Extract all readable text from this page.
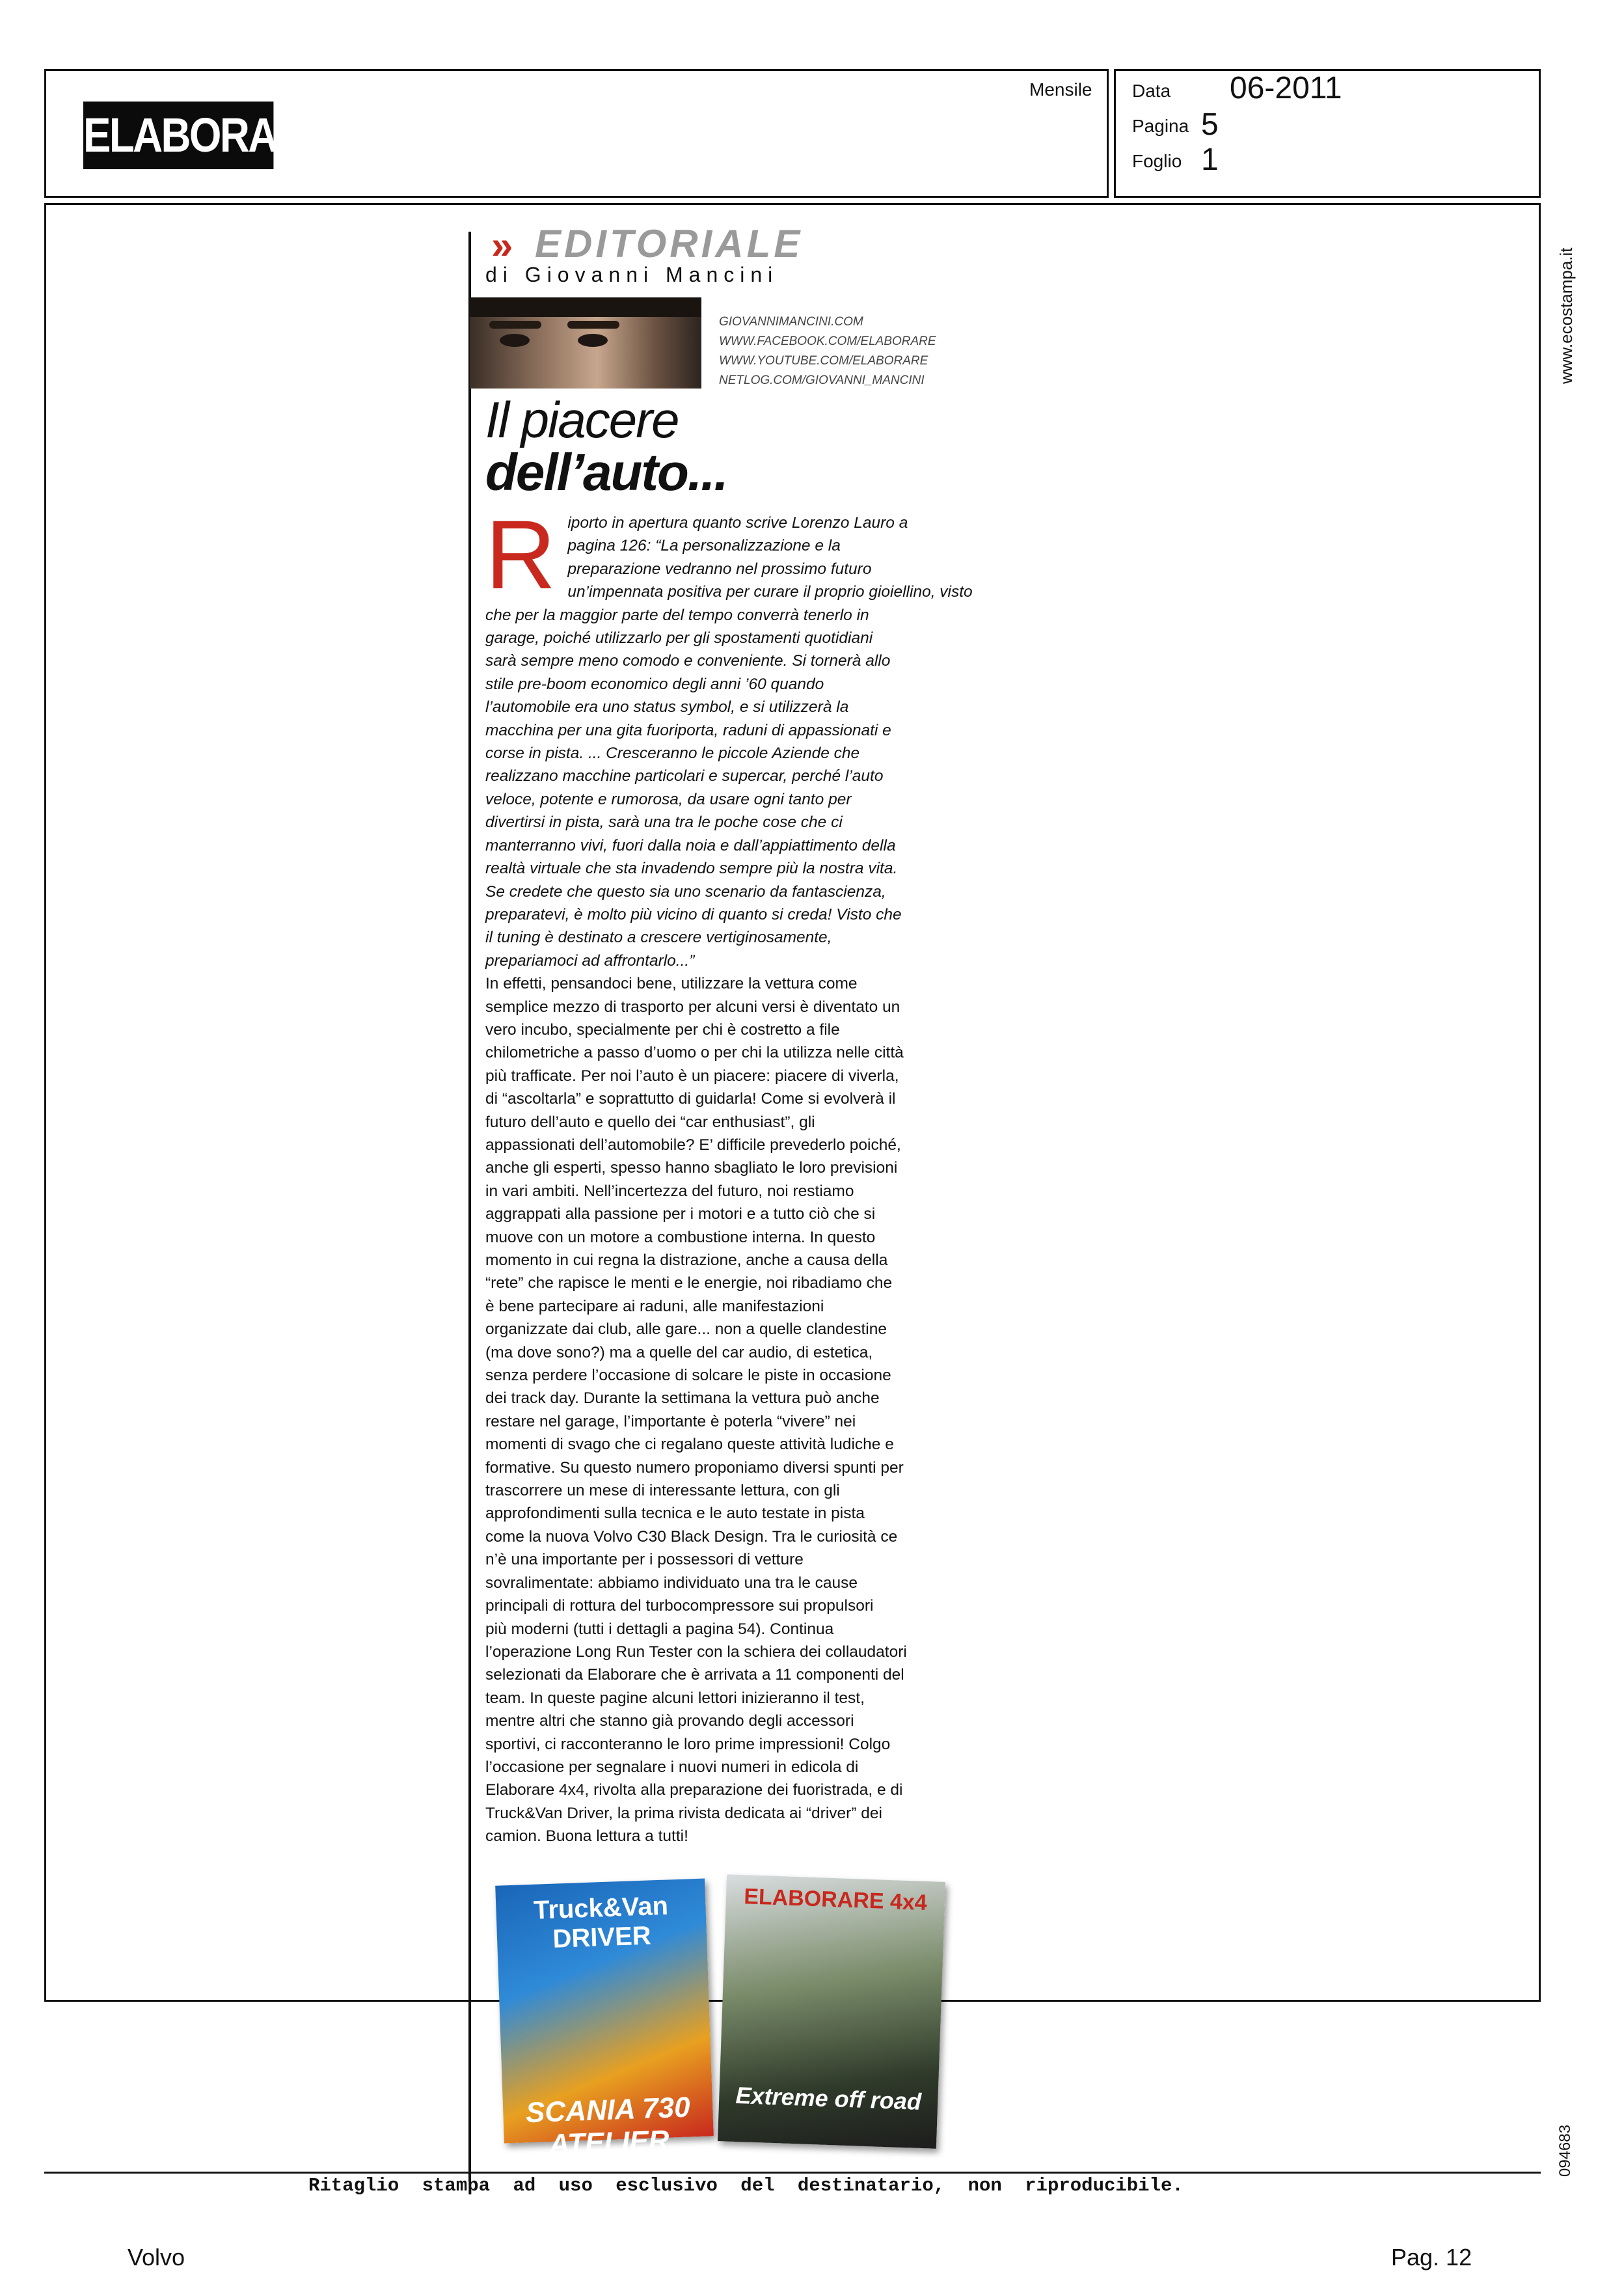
ELABORARE
Mensile Data 06-2011
Pagina 5
Foglio 1
www.ecostampa.it
094683
» EDITORIALE
di Giovanni Mancini
GIOVANNIMANCINI.COM
WWW.FACEBOOK.COM/ELABORARE
WWW.YOUTUBE.COM/ELABORARE
NETLOG.COM/GIOVANNI_MANCINI
Il piacere
dell’auto...
R iporto in apertura quanto scrive Lorenzo Lauro a
pagina 126: “La personalizzazione e la
preparazione vedranno nel prossimo futuro
un’impennata positiva per curare il proprio gioiellino, visto
che per la maggior parte del tempo converrà tenerlo in
garage, poiché utilizzarlo per gli spostamenti quotidiani
sarà sempre meno comodo e conveniente. Si tornerà allo
stile pre-boom economico degli anni ’60 quando
l’automobile era uno status symbol, e si utilizzerà la
macchina per una gita fuoriporta, raduni di appassionati e
corse in pista. ... Cresceranno le piccole Aziende che
realizzano macchine particolari e supercar, perché l’auto
veloce, potente e rumorosa, da usare ogni tanto per
divertirsi in pista, sarà una tra le poche cose che ci
manterranno vivi, fuori dalla noia e dall’appiattimento della
realtà virtuale che sta invadendo sempre più la nostra vita.
Se credete che questo sia uno scenario da fantascienza,
preparatevi, è molto più vicino di quanto si creda! Visto che
il tuning è destinato a crescere vertiginosamente,
prepariamoci ad affrontarlo...”
In effetti, pensandoci bene, utilizzare la vettura come
semplice mezzo di trasporto per alcuni versi è diventato un
vero incubo, specialmente per chi è costretto a file
chilometriche a passo d’uomo o per chi la utilizza nelle città
più trafficate. Per noi l’auto è un piacere: piacere di viverla,
di “ascoltarla” e soprattutto di guidarla! Come si evolverà il
futuro dell’auto e quello dei “car enthusiast”, gli
appassionati dell’automobile? E’ difficile prevederlo poiché,
anche gli esperti, spesso hanno sbagliato le loro previsioni
in vari ambiti. Nell’incertezza del futuro, noi restiamo
aggrappati alla passione per i motori e a tutto ciò che si
muove con un motore a combustione interna. In questo
momento in cui regna la distrazione, anche a causa della
“rete” che rapisce le menti e le energie, noi ribadiamo che
è bene partecipare ai raduni, alle manifestazioni
organizzate dai club, alle gare... non a quelle clandestine
(ma dove sono?) ma a quelle del car audio, di estetica,
senza perdere l’occasione di solcare le piste in occasione
dei track day. Durante la settimana la vettura può anche
restare nel garage, l’importante è poterla “vivere” nei
momenti di svago che ci regalano queste attività ludiche e
formative. Su questo numero proponiamo diversi spunti per
trascorrere un mese di interessante lettura, con gli
approfondimenti sulla tecnica e le auto testate in pista
come la nuova Volvo C30 Black Design. Tra le curiosità ce
n’è una importante per i possessori di vetture
sovralimentate: abbiamo individuato una tra le cause
principali di rottura del turbocompressore sui propulsori
più moderni (tutti i dettagli a pagina 54). Continua
l’operazione Long Run Tester con la schiera dei collaudatori
selezionati da Elaborare che è arrivata a 11 componenti del
team. In queste pagine alcuni lettori inizieranno il test,
mentre altri che stanno già provando degli accessori
sportivi, ci racconteranno le loro prime impressioni! Colgo
l’occasione per segnalare i nuovi numeri in edicola di
Elaborare 4x4, rivolta alla preparazione dei fuoristrada, e di
Truck&Van Driver, la prima rivista dedicata ai “driver” dei
camion. Buona lettura a tutti!
Truck&Van DRIVER
SCANIA 730 ATELIER
ELABORARE 4x4
Extreme off road
Ritaglio stampa ad uso esclusivo del destinatario, non riproducibile.
Volvo	Pag. 12
